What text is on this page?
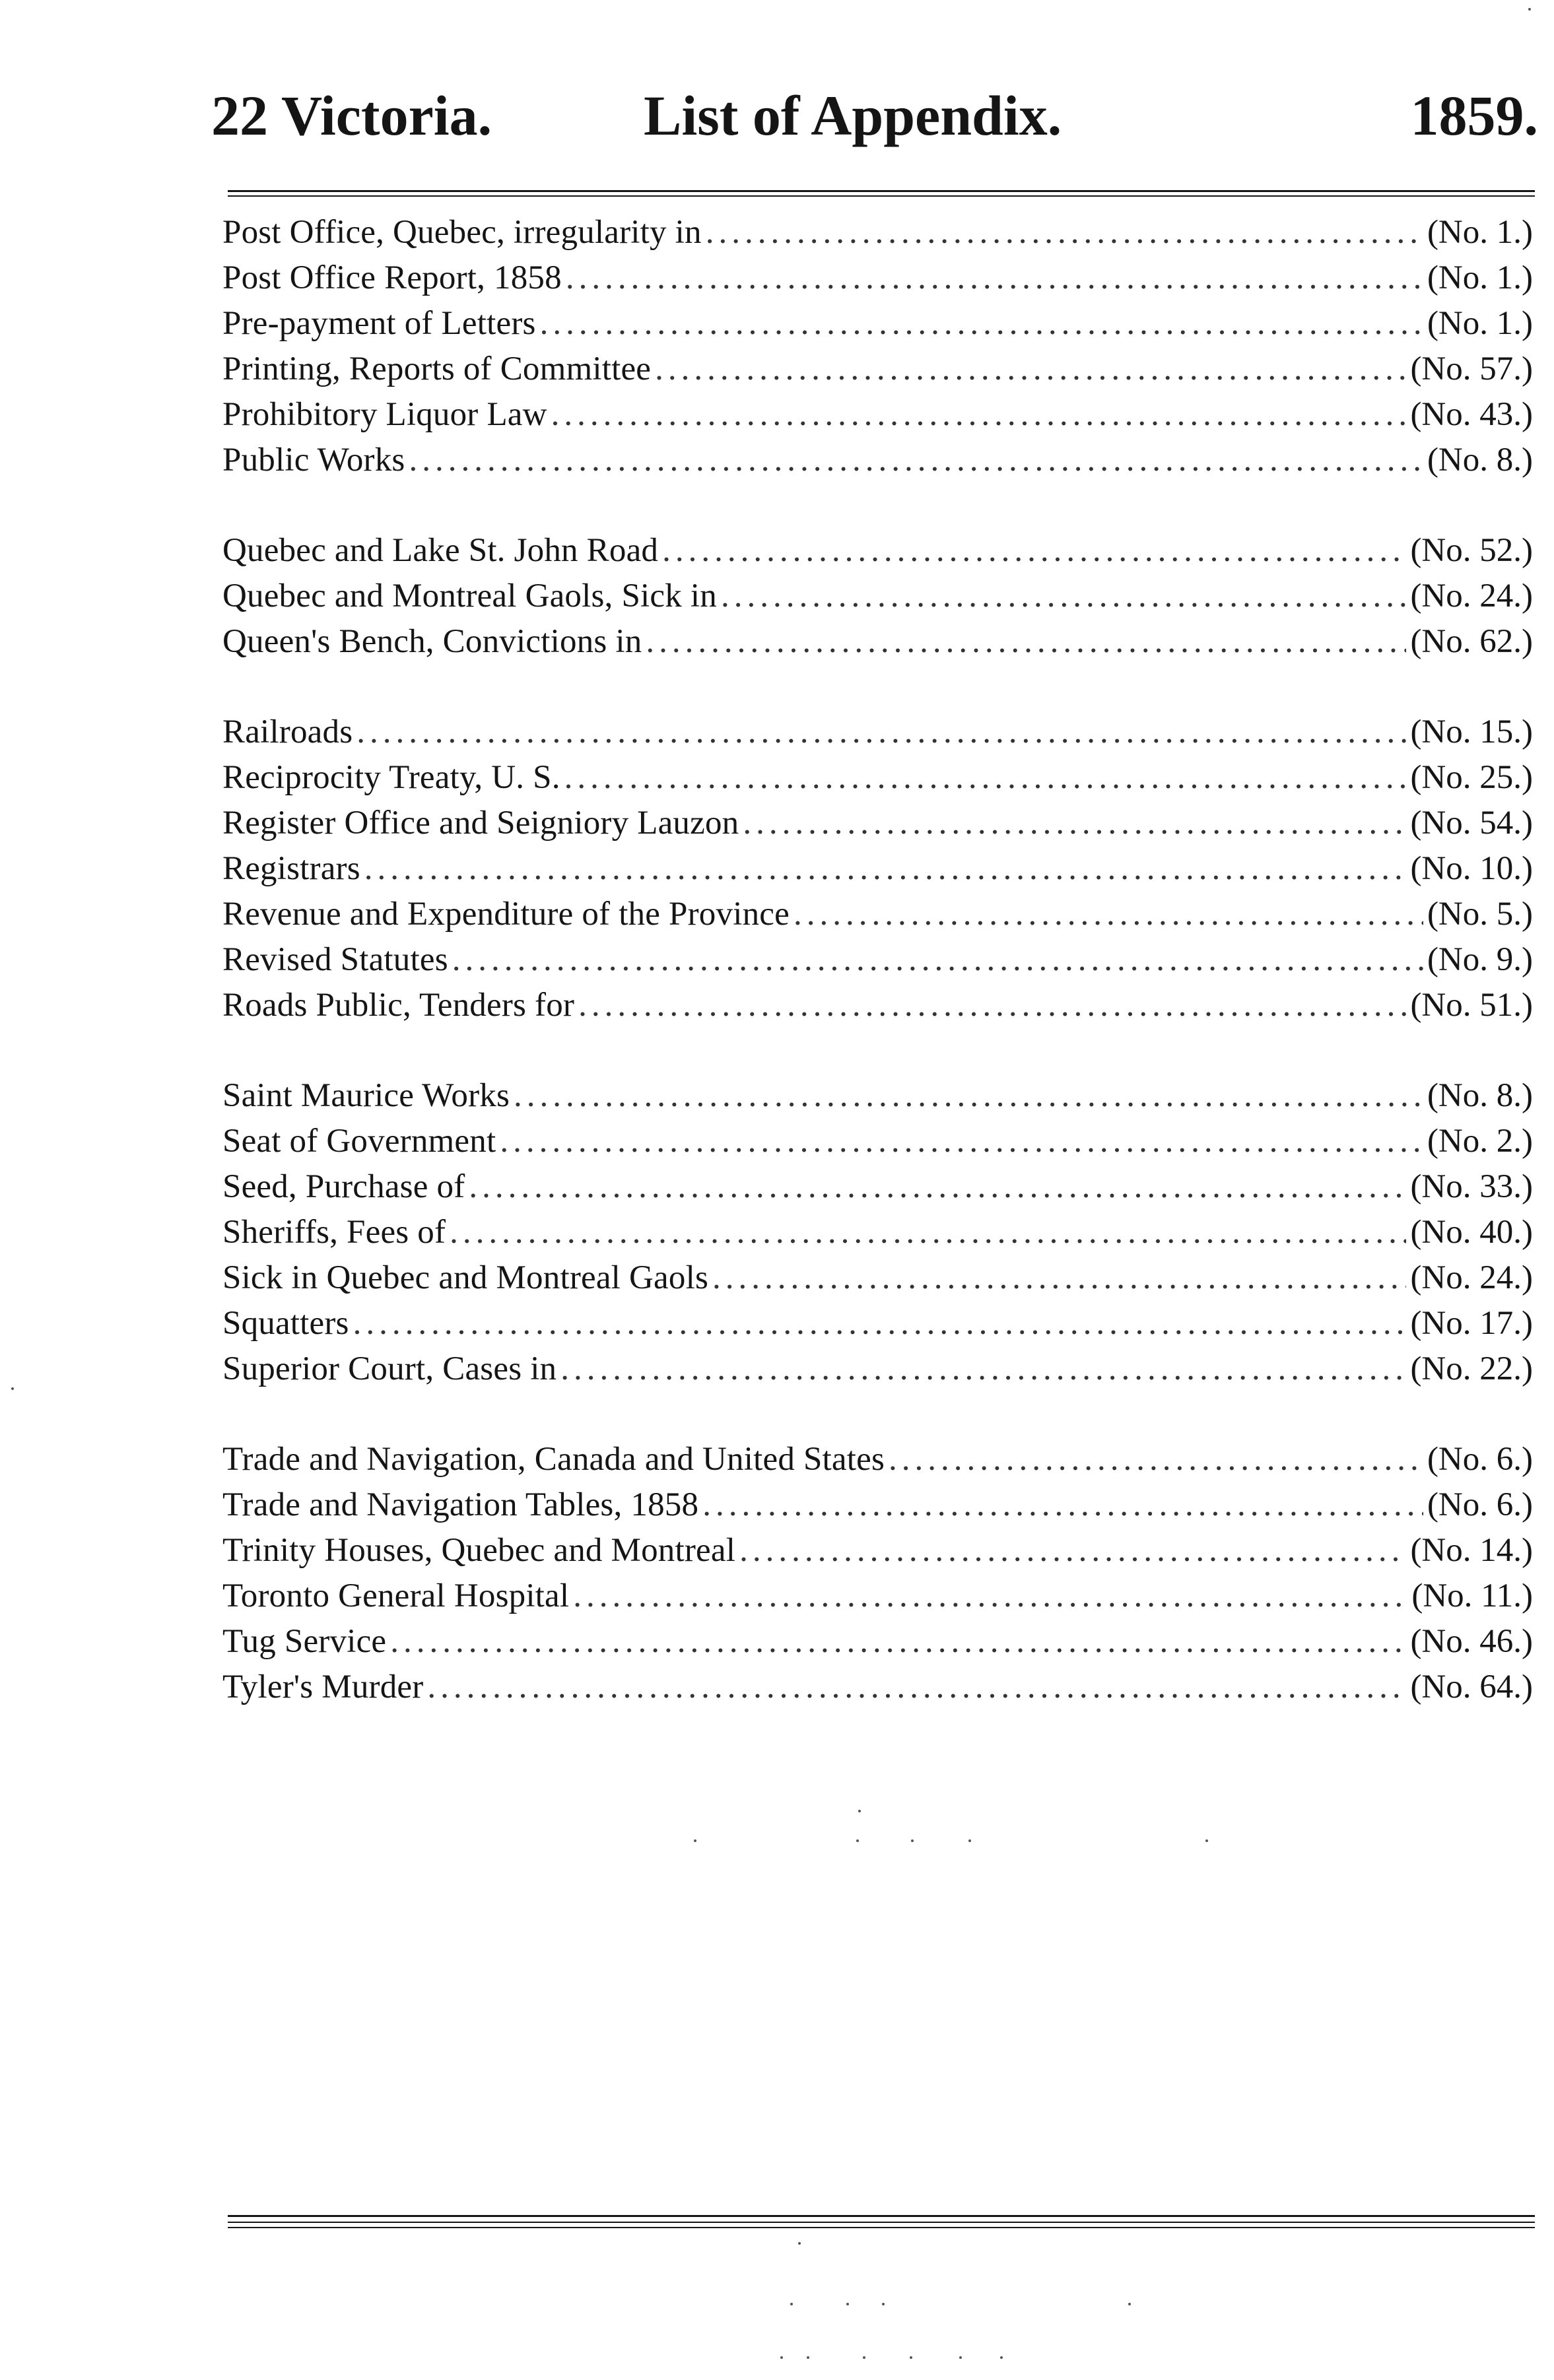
22 Victoria.	List of Appendix.	1859.
Post Office, Quebec, irregularity in .....	(No. 1.)
Post Office Report, 1858 .....	(No. 1.)
Pre-payment of Letters .....	(No. 1.)
Printing, Reports of Committee .....	(No. 57.)
Prohibitory Liquor Law .....	(No. 43.)
Public Works .....	(No. 8.)
Quebec and Lake St. John Road .....	(No. 52.)
Quebec and Montreal Gaols, Sick in .....	(No. 24.)
Queen's Bench, Convictions in .....	(No. 62.)
Railroads .....	(No. 15.)
Reciprocity Treaty, U. S. .....	(No. 25.)
Register Office and Seigniory Lauzon .....	(No. 54.)
Registrars .....	(No. 10.)
Revenue and Expenditure of the Province .....	(No. 5.)
Revised Statutes .....	(No. 9.)
Roads Public, Tenders for .....	(No. 51.)
Saint Maurice Works .....	(No. 8.)
Seat of Government .....	(No. 2.)
Seed, Purchase of .....	(No. 33.)
Sheriffs, Fees of .....	(No. 40.)
Sick in Quebec and Montreal Gaols .....	(No. 24.)
Squatters .....	(No. 17.)
Superior Court, Cases in .....	(No. 22.)
Trade and Navigation, Canada and United States .....	(No. 6.)
Trade and Navigation Tables, 1858 .....	(No. 6.)
Trinity Houses, Quebec and Montreal .....	(No. 14.)
Toronto General Hospital .....	(No. 11.)
Tug Service .....	(No. 46.)
Tyler's Murder .....	(No. 64.)
